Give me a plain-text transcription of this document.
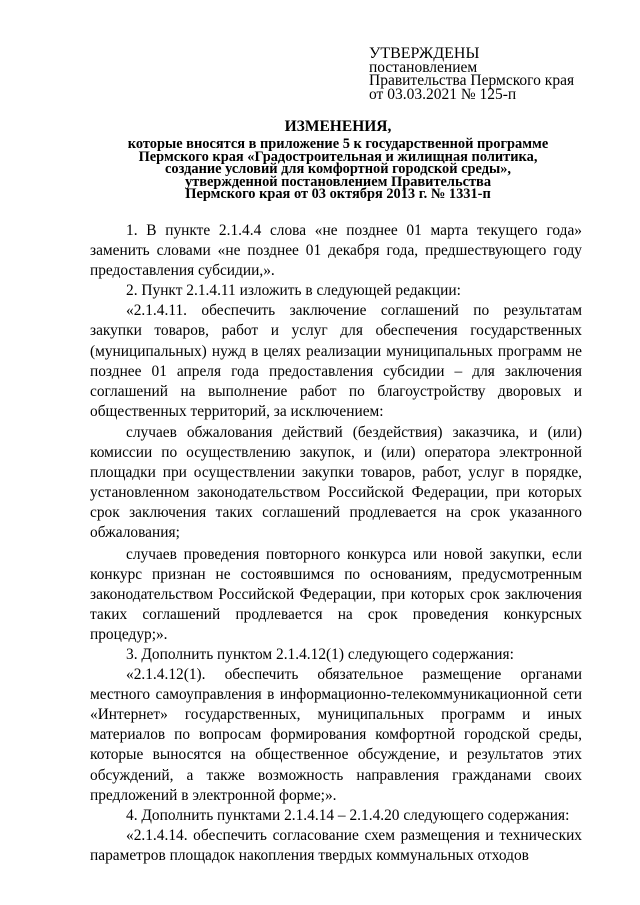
УТВЕРЖДЕНЫ
постановлением
Правительства Пермского края
от 03.03.2021 № 125-п
ИЗМЕНЕНИЯ,
которые вносятся в приложение 5 к государственной программе
Пермского края «Градостроительная и жилищная политика,
создание условий для комфортной городской среды»,
утвержденной постановлением Правительства
Пермского края от 03 октября 2013 г. № 1331-п

1. В пункте 2.1.4.4 слова «не позднее 01 марта текущего года» заменить словами «не позднее 01 декабря года, предшествующего году предоставления субсидии,».

2. Пункт 2.1.4.11 изложить в следующей редакции:

«2.1.4.11. обеспечить заключение соглашений по результатам закупки товаров, работ и услуг для обеспечения государственных (муниципальных) нужд в целях реализации муниципальных программ не позднее 01 апреля года предоставления субсидии – для заключения соглашений на выполнение работ по благоустройству дворовых и общественных территорий, за исключением:

случаев обжалования действий (бездействия) заказчика, и (или) комиссии по осуществлению закупок, и (или) оператора электронной площадки при осуществлении закупки товаров, работ, услуг в порядке, установленном законодательством Российской Федерации, при которых срок заключения таких соглашений продлевается на срок указанного обжалования;

случаев проведения повторного конкурса или новой закупки, если конкурс признан не состоявшимся по основаниям, предусмотренным законодательством Российской Федерации, при которых срок заключения таких соглашений продлевается на срок проведения конкурсных процедур;».

3. Дополнить пунктом 2.1.4.12(1) следующего содержания:

«2.1.4.12(1). обеспечить обязательное размещение органами местного самоуправления в информационно-телекоммуникационной сети «Интернет» государственных, муниципальных программ и иных материалов по вопросам формирования комфортной городской среды, которые выносятся на общественное обсуждение, и результатов этих обсуждений, а также возможность направления гражданами своих предложений в электронной форме;».

4. Дополнить пунктами 2.1.4.14 – 2.1.4.20 следующего содержания:

«2.1.4.14. обеспечить согласование схем размещения и технических параметров площадок накопления твердых коммунальных отходов
